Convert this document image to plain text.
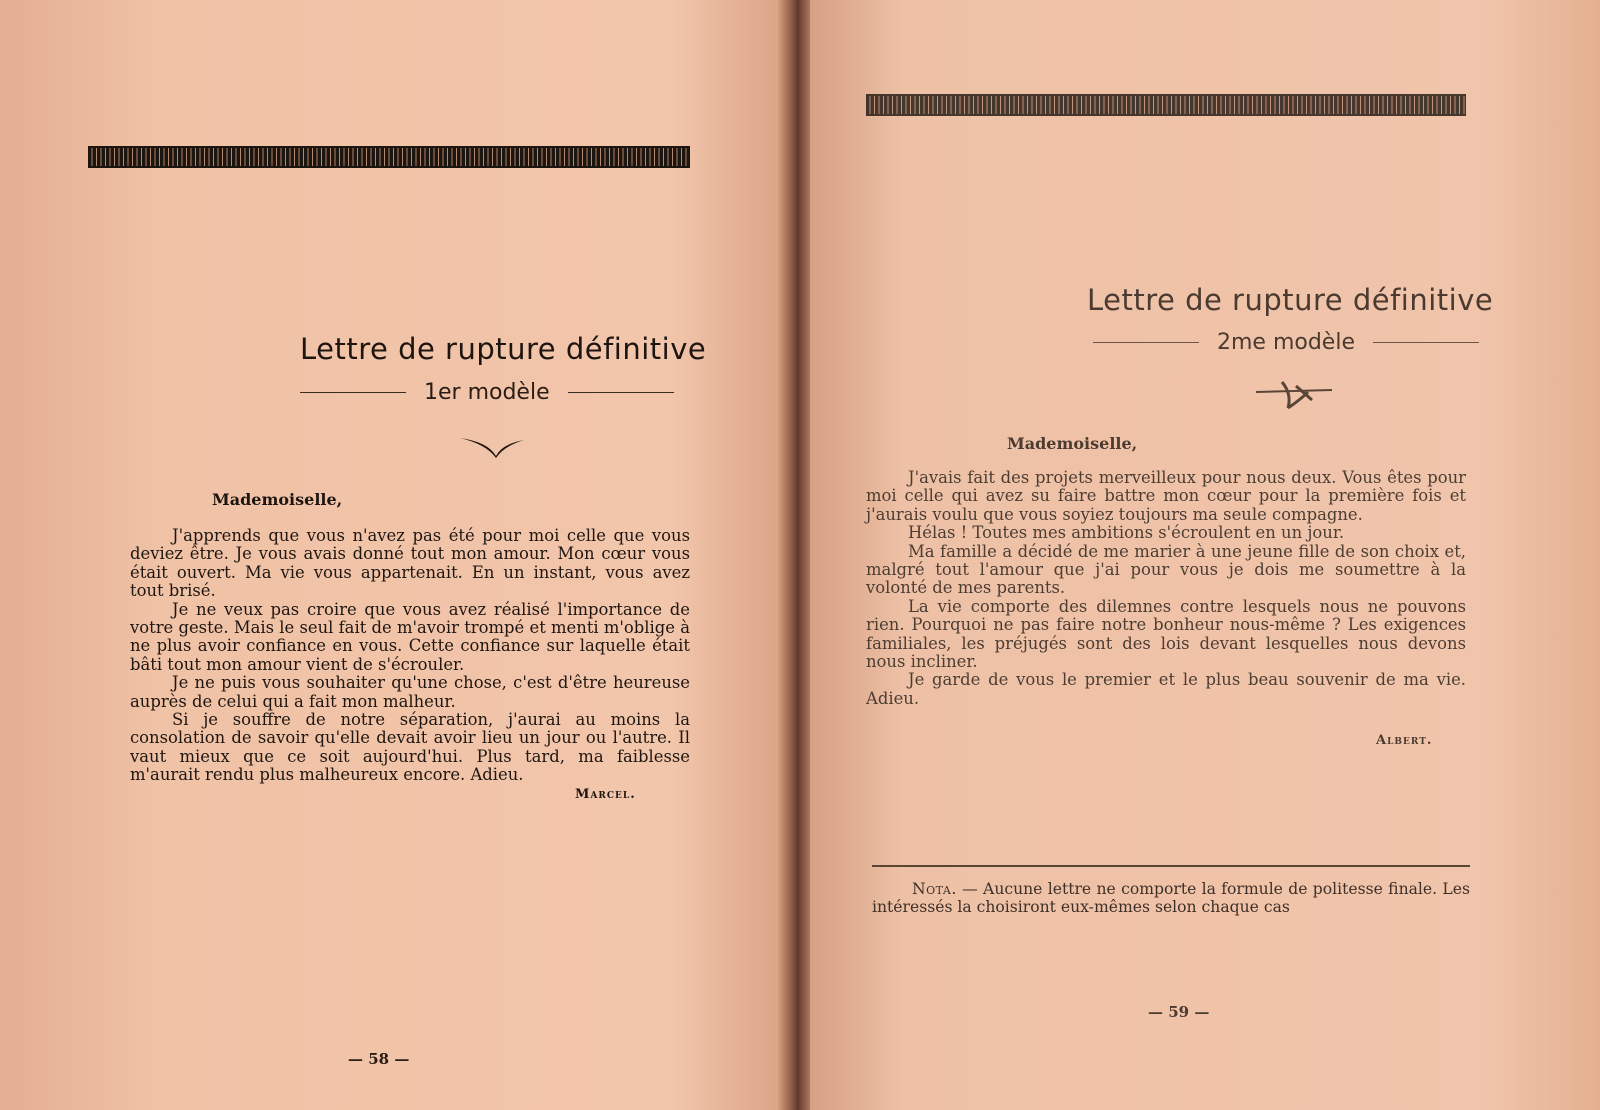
Lettre de rupture définitive
1er modèle
Mademoiselle,

J'apprends que vous n'avez pas été pour moi celle que vous deviez être. Je vous avais donné tout mon amour. Mon cœur vous était ouvert. Ma vie vous appartenait. En un instant, vous avez tout brisé.

Je ne veux pas croire que vous avez réalisé l'importance de votre geste. Mais le seul fait de m'avoir trompé et menti m'oblige à ne plus avoir confiance en vous. Cette confiance sur laquelle était bâti tout mon amour vient de s'écrouler.

Je ne puis vous souhaiter qu'une chose, c'est d'être heureuse auprès de celui qui a fait mon malheur.

Si je souffre de notre séparation, j'aurai au moins la consolation de savoir qu'elle devait avoir lieu un jour ou l'autre. Il vaut mieux que ce soit aujourd'hui. Plus tard, ma faiblesse m'aurait rendu plus malheureux encore. Adieu.

Marcel.
— 58 —
Lettre de rupture définitive
2me modèle
Mademoiselle,

J'avais fait des projets merveilleux pour nous deux. Vous êtes pour moi celle qui avez su faire battre mon cœur pour la première fois et j'aurais voulu que vous soyiez toujours ma seule compagne.

Hélas ! Toutes mes ambitions s'écroulent en un jour.

Ma famille a décidé de me marier à une jeune fille de son choix et, malgré tout l'amour que j'ai pour vous je dois me soumettre à la volonté de mes parents.

La vie comporte des dilemnes contre lesquels nous ne pouvons rien. Pourquoi ne pas faire notre bonheur nous-même ? Les exigences familiales, les préjugés sont des lois devant lesquelles nous devons nous incliner.

Je garde de vous le premier et le plus beau souvenir de ma vie. Adieu.

Albert.

Nota. — Aucune lettre ne comporte la formule de politesse finale. Les intéressés la choisiront eux-mêmes selon chaque cas

— 59 —
